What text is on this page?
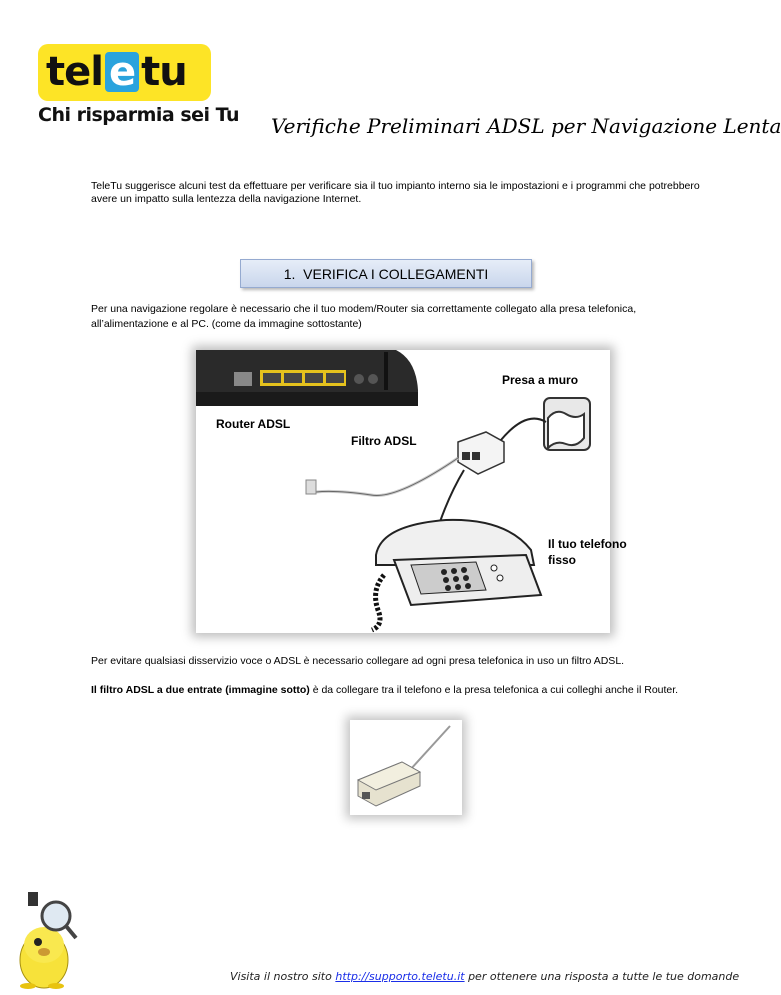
tel e tu
Chi risparmia sei Tu Verifiche Preliminari ADSL per Navigazione Lenta
TeleTu suggerisce alcuni test da effettuare per verificare sia il tuo impianto interno sia le impostazioni e i programmi che potrebbero avere un impatto sulla lentezza della navigazione Internet.
1.  VERIFICA I COLLEGAMENTI
Per una navigazione regolare è necessario che il tuo modem/Router sia correttamente collegato alla presa telefonica, all’alimentazione e al PC. (come da immagine sottostante)
Router ADSL
Filtro ADSL
Presa a muro
Il tuo telefono
fisso
Per evitare qualsiasi disservizio voce o ADSL è necessario collegare ad ogni presa telefonica in uso un filtro ADSL.
Il filtro ADSL a due entrate (immagine sotto) è da collegare tra il telefono e la presa telefonica a cui colleghi anche il Router.
Visita il nostro sito http://supporto.teletu.it per ottenere una risposta a tutte le tue domande
